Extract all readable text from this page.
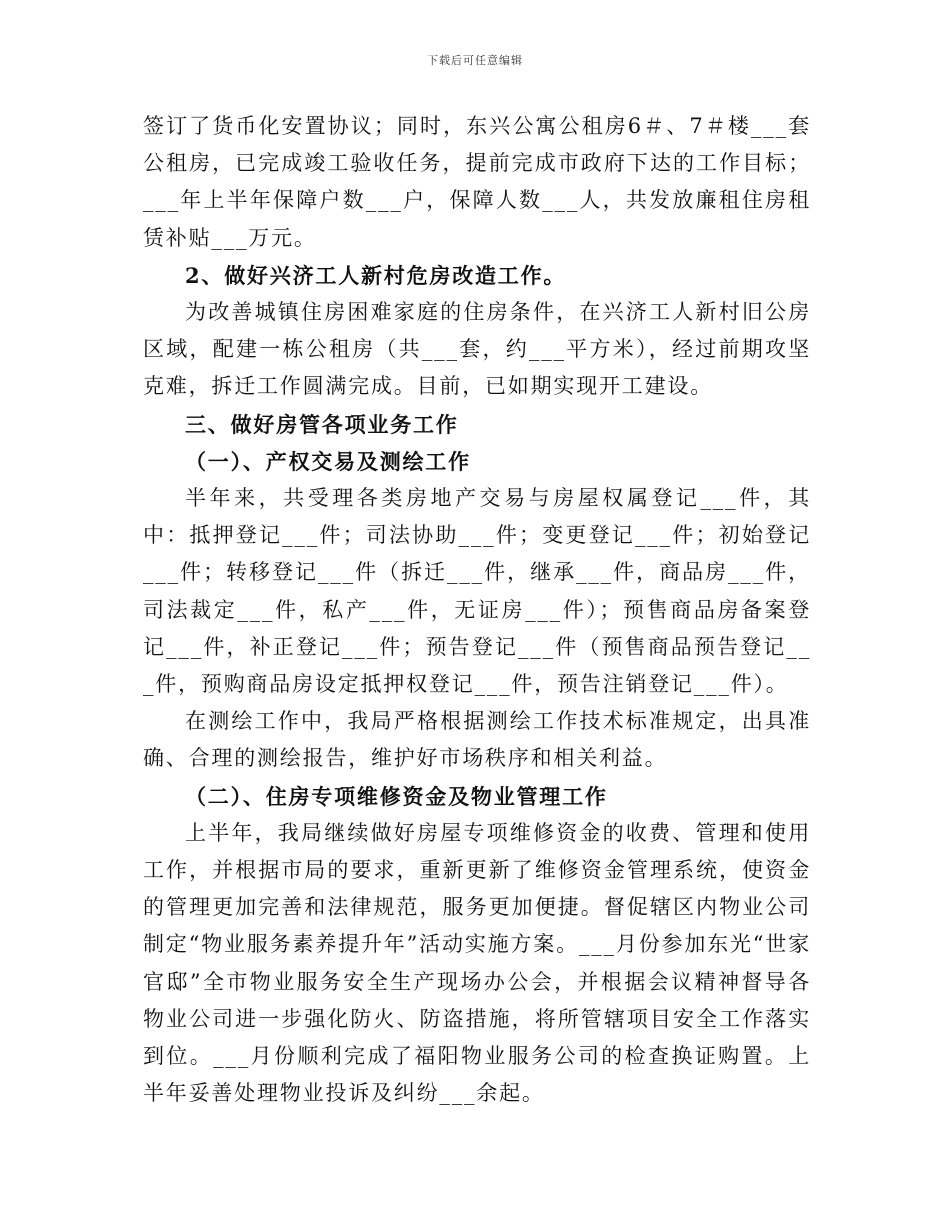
下载后可任意编辑

签订了货币化安置协议；同时，东兴公寓公租房6＃、7＃楼___套公租房，已完成竣工验收任务，提前完成市政府下达的工作目标；___年上半年保障户数___户，保障人数___人，共发放廉租住房租赁补贴___万元。

2、做好兴济工人新村危房改造工作。

为改善城镇住房困难家庭的住房条件，在兴济工人新村旧公房区域，配建一栋公租房（共___套，约___平方米），经过前期攻坚克难，拆迁工作圆满完成。目前，已如期实现开工建设。

三、做好房管各项业务工作

（一）、产权交易及测绘工作

半年来，共受理各类房地产交易与房屋权属登记___件，其中：抵押登记___件；司法协助___件；变更登记___件；初始登记___件；转移登记___件（拆迁___件，继承___件，商品房___件，司法裁定___件，私产___件，无证房___件）；预售商品房备案登记___件，补正登记___件；预告登记___件（预售商品预告登记___件，预购商品房设定抵押权登记___件，预告注销登记___件）。

在测绘工作中，我局严格根据测绘工作技术标准规定，出具准确、合理的测绘报告，维护好市场秩序和相关利益。

（二）、住房专项维修资金及物业管理工作

上半年，我局继续做好房屋专项维修资金的收费、管理和使用工作，并根据市局的要求，重新更新了维修资金管理系统，使资金的管理更加完善和法律规范，服务更加便捷。督促辖区内物业公司制定“物业服务素养提升年”活动实施方案。___月份参加东光“世家官邸”全市物业服务安全生产现场办公会，并根据会议精神督导各物业公司进一步强化防火、防盗措施，将所管辖项目安全工作落实到位。___月份顺利完成了福阳物业服务公司的检查换证购置。上半年妥善处理物业投诉及纠纷___余起。
